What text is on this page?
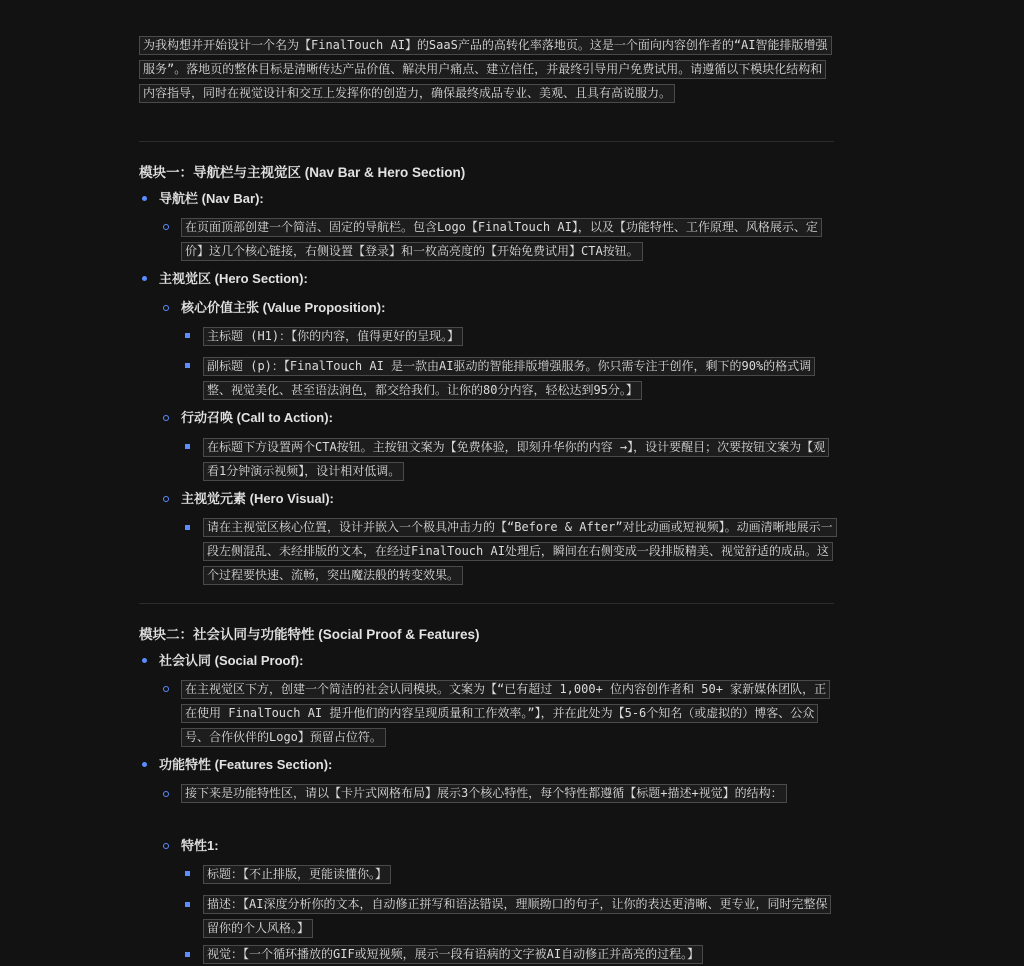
为我构想并开始设计一个名为【FinalTouch AI】的SaaS产品的高转化率落地页。这是一个面向内容创作者的“AI智能排版增强服务”。落地页的整体目标是清晰传达产品价值、解决用户痛点、建立信任，并最终引导用户免费试用。请遵循以下模块化结构和内容指导，同时在视觉设计和交互上发挥你的创造力，确保最终成品专业、美观、且具有高说服力。
模块一：导航栏与主视觉区 (Nav Bar & Hero Section)
导航栏 (Nav Bar):
在页面顶部创建一个简洁、固定的导航栏。包含Logo【FinalTouch AI】，以及【功能特性、工作原理、风格展示、定价】这几个核心链接，右侧设置【登录】和一枚高亮度的【开始免费试用】CTA按钮。
主视觉区 (Hero Section):
核心价值主张 (Value Proposition):
主标题 (H1)：【你的内容，值得更好的呈现。】
副标题 (p)：【FinalTouch AI 是一款由AI驱动的智能排版增强服务。你只需专注于创作，剩下的90%的格式调整、视觉美化、甚至语法润色，都交给我们。让你的80分内容，轻松达到95分。】
行动召唤 (Call to Action):
在标题下方设置两个CTA按钮。主按钮文案为【免费体验，即刻升华你的内容 →】，设计要醒目；次要按钮文案为【观看1分钟演示视频】，设计相对低调。
主视觉元素 (Hero Visual):
请在主视觉区核心位置，设计并嵌入一个极具冲击力的【“Before & After”对比动画或短视频】。动画清晰地展示一段左侧混乱、未经排版的文本，在经过FinalTouch AI处理后，瞬间在右侧变成一段排版精美、视觉舒适的成品。这个过程要快速、流畅，突出魔法般的转变效果。
模块二：社会认同与功能特性 (Social Proof & Features)
社会认同 (Social Proof):
在主视觉区下方，创建一个简洁的社会认同模块。文案为【“已有超过 1,000+ 位内容创作者和 50+ 家新媒体团队，正在使用 FinalTouch AI 提升他们的内容呈现质量和工作效率。”】，并在此处为【5-6个知名（或虚拟的）博客、公众号、合作伙伴的Logo】预留占位符。
功能特性 (Features Section):
接下来是功能特性区，请以【卡片式网格布局】展示3个核心特性，每个特性都遵循【标题+描述+视觉】的结构：
特性1:
标题：【不止排版，更能读懂你。】
描述：【AI深度分析你的文本，自动修正拼写和语法错误，理顺拗口的句子，让你的表达更清晰、更专业，同时完整保留你的个人风格。】
视觉：【一个循环播放的GIF或短视频，展示一段有语病的文字被AI自动修正并高亮的过程。】
